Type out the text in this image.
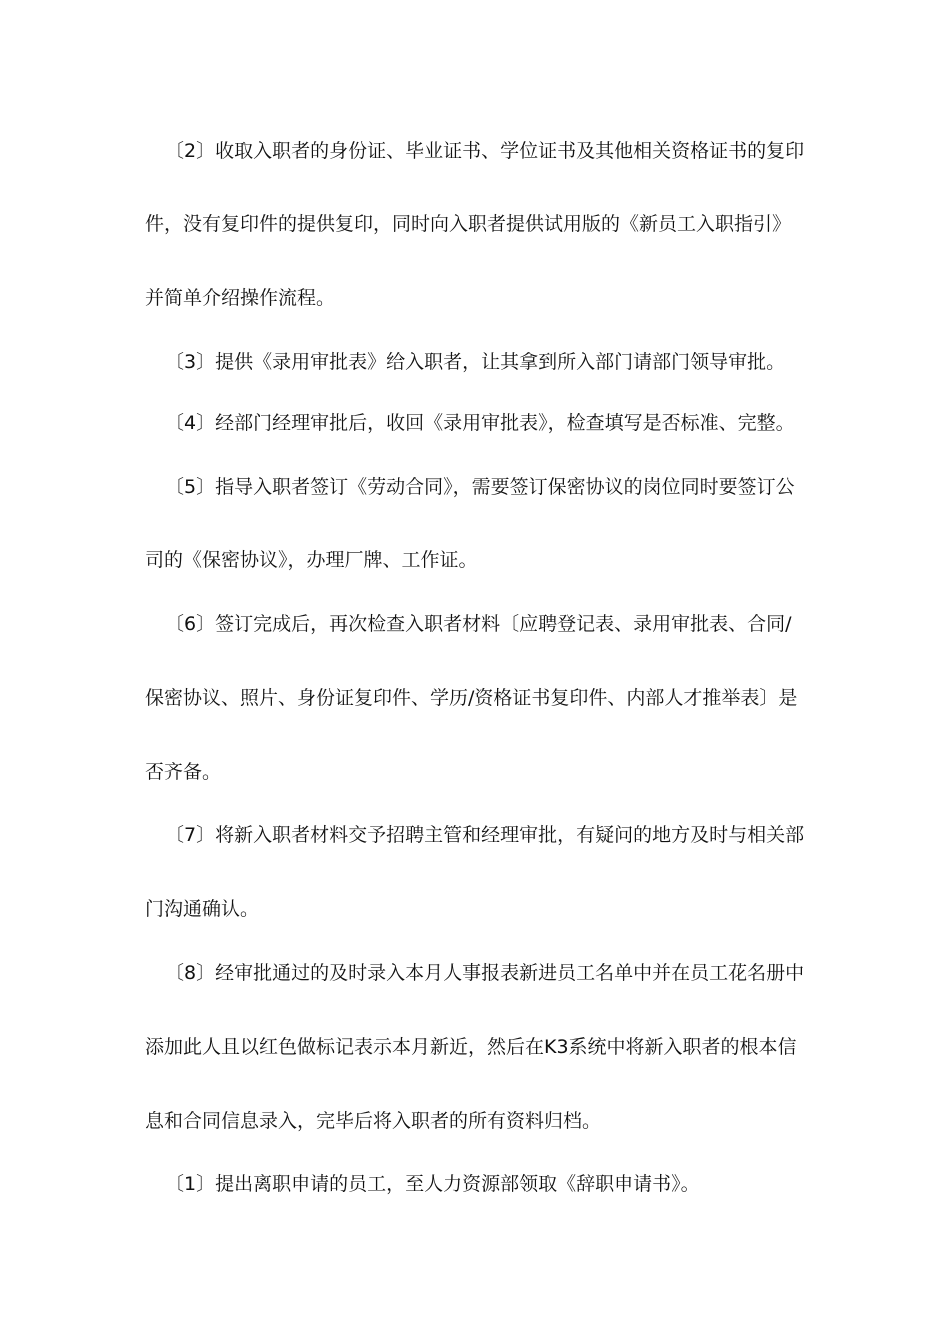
〔2〕收取入职者的身份证、毕业证书、学位证书及其他相关资格证书的复印
件，没有复印件的提供复印，同时向入职者提供试用版的《新员工入职指引》
并简单介绍操作流程。
〔3〕提供《录用审批表》给入职者，让其拿到所入部门请部门领导审批。
〔4〕经部门经理审批后，收回《录用审批表》，检查填写是否标准、完整。
〔5〕指导入职者签订《劳动合同》，需要签订保密协议的岗位同时要签订公
司的《保密协议》，办理厂牌、工作证。
〔6〕签订完成后，再次检查入职者材料〔应聘登记表、录用审批表、合同/
保密协议、照片、身份证复印件、学历/资格证书复印件、内部人才推举表〕是
否齐备。
〔7〕将新入职者材料交予招聘主管和经理审批，有疑问的地方及时与相关部
门沟通确认。
〔8〕经审批通过的及时录入本月人事报表新进员工名单中并在员工花名册中
添加此人且以红色做标记表示本月新近，然后在K3系统中将新入职者的根本信
息和合同信息录入，完毕后将入职者的所有资料归档。
〔1〕提出离职申请的员工，至人力资源部领取《辞职申请书》。
